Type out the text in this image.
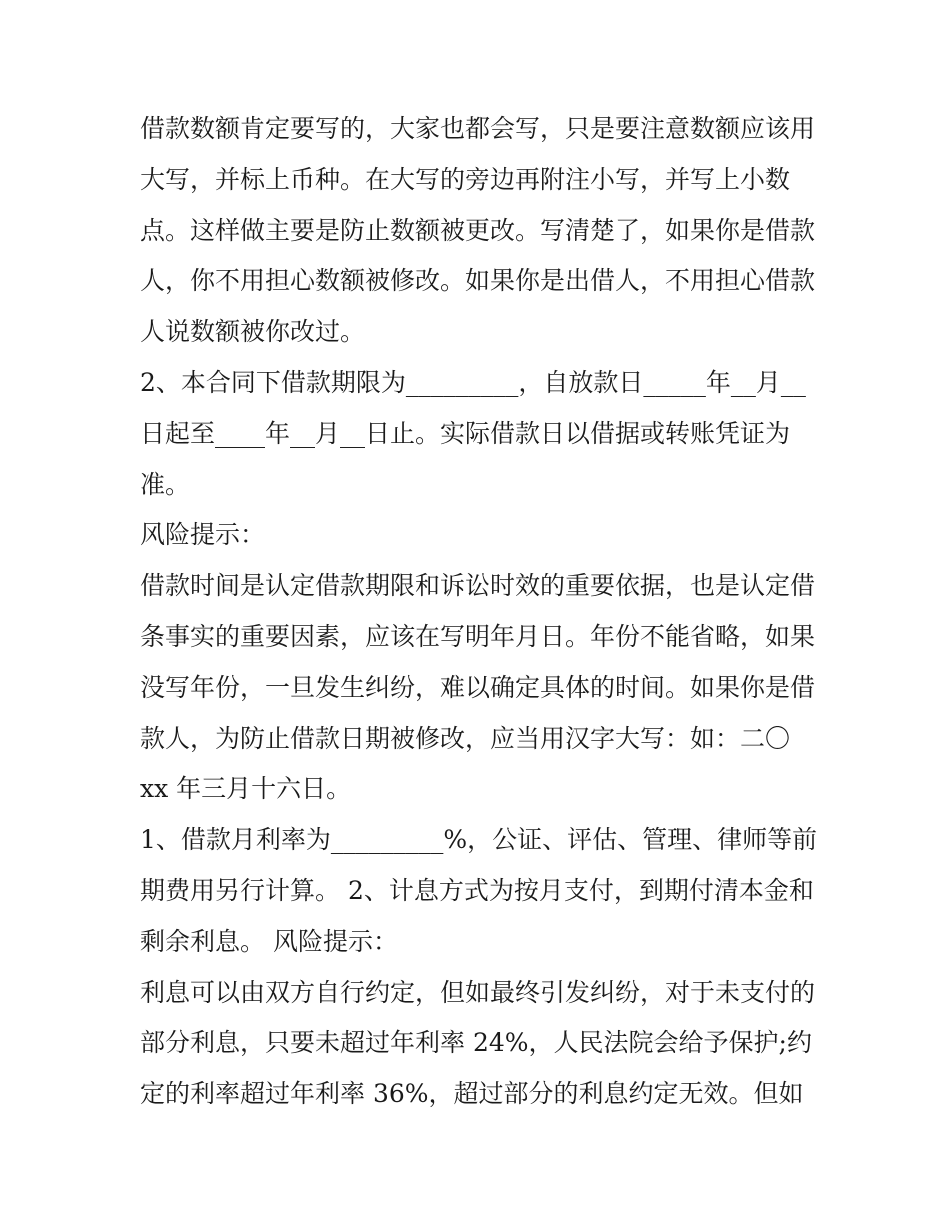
借款数额肯定要写的，大家也都会写，只是要注意数额应该用
大写，并标上币种。在大写的旁边再附注小写，并写上小数
点。这样做主要是防止数额被更改。写清楚了，如果你是借款
人，你不用担心数额被修改。如果你是出借人，不用担心借款
人说数额被你改过。
2、本合同下借款期限为_________，自放款日_____年__月__
日起至____年__月__日止。实际借款日以借据或转账凭证为
准。
风险提示：
借款时间是认定借款期限和诉讼时效的重要依据，也是认定借
条事实的重要因素，应该在写明年月日。年份不能省略，如果
没写年份，一旦发生纠纷，难以确定具体的时间。如果你是借
款人，为防止借款日期被修改，应当用汉字大写：如：二〇
xx 年三月十六日。
1、借款月利率为_________%，公证、评估、管理、律师等前
期费用另行计算。 2、计息方式为按月支付，到期付清本金和
剩余利息。 风险提示：
利息可以由双方自行约定，但如最终引发纠纷，对于未支付的
部分利息，只要未超过年利率 24%，人民法院会给予保护;约
定的利率超过年利率 36%，超过部分的利息约定无效。但如
